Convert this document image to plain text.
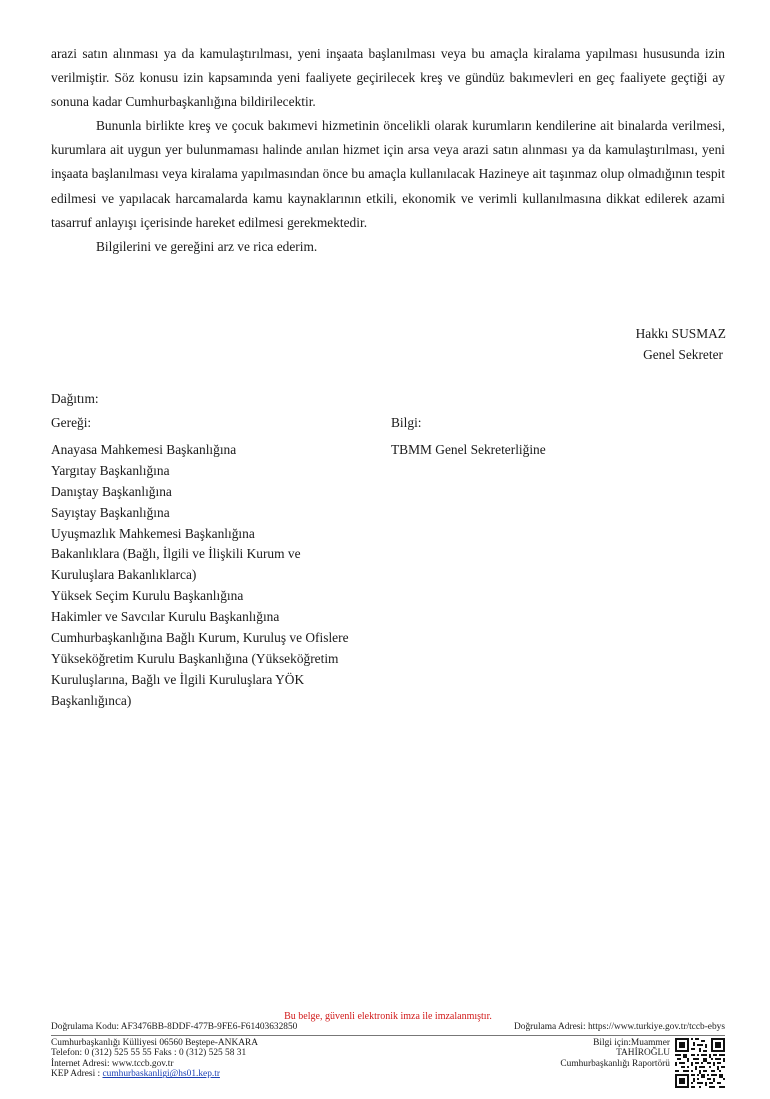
arazi satın alınması ya da kamulaştırılması, yeni inşaata başlanılması veya bu amaçla kiralama yapılması hususunda izin verilmiştir. Söz konusu izin kapsamında yeni faaliyete geçirilecek kreş ve gündüz bakımevleri en geç faaliyete geçtiği ay sonuna kadar Cumhurbaşkanlığına bildirilecektir.

Bununla birlikte kreş ve çocuk bakımevi hizmetinin öncelikli olarak kurumların kendilerine ait binalarda verilmesi, kurumlara ait uygun yer bulunmaması halinde anılan hizmet için arsa veya arazi satın alınması ya da kamulaştırılması, yeni inşaata başlanılması veya kiralama yapılmasından önce bu amaçla kullanılacak Hazineye ait taşınmaz olup olmadığının tespit edilmesi ve yapılacak harcamalarda kamu kaynaklarının etkili, ekonomik ve verimli kullanılmasına dikkat edilerek azami tasarruf anlayışı içerisinde hareket edilmesi gerekmektedir.

Bilgilerini ve gereğini arz ve rica ederim.

Hakkı SUSMAZ
Genel Sekreter
Dağıtım:
Gereği:
Anayasa Mahkemesi Başkanlığına
Yargıtay Başkanlığına
Danıştay Başkanlığına
Sayıştay Başkanlığına
Uyuşmazlık Mahkemesi Başkanlığına
Bakanlıklara (Bağlı, İlgili ve İlişkili Kurum ve Kuruluşlara Bakanlıklarca)
Yüksek Seçim Kurulu Başkanlığına
Hakimler ve Savcılar Kurulu Başkanlığına
Cumhurbaşkanlığına Bağlı Kurum, Kuruluş ve Ofislere
Yükseköğretim Kurulu Başkanlığına (Yükseköğretim Kuruluşlarına, Bağlı ve İlgili Kuruluşlara YÖK Başkanlığınca)
Bilgi:
TBMM Genel Sekreterliğine
Bu belge, güvenli elektronik imza ile imzalanmıştır.
Doğrulama Kodu: AF3476BB-8DDF-477B-9FE6-F61403632850	Doğrulama Adresi: https://www.turkiye.gov.tr/tccb-ebys
Cumhurbaşkanlığı Külliyesi 06560 Beştepe-ANKARA
Telefon: 0 (312) 525 55 55 Faks : 0 (312) 525 58 31
İnternet Adresi: www.tccb.gov.tr
KEP Adresi : cumhurbaskanligi@hs01.kep.tr
Bilgi için:Muammer
TAHİROĞLU
Cumhurbaşkanlığı Raportörü
